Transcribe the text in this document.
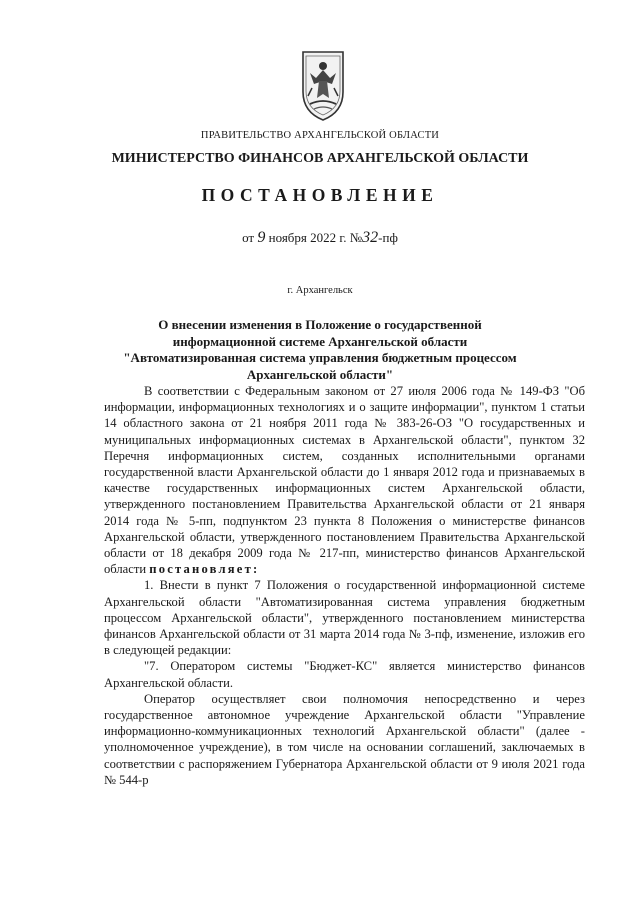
ПРАВИТЕЛЬСТВО АРХАНГЕЛЬСКОЙ ОБЛАСТИ
МИНИСТЕРСТВО ФИНАНСОВ АРХАНГЕЛЬСКОЙ ОБЛАСТИ
ПОСТАНОВЛЕНИЕ
от 9 ноября 2022 г. №32-пф
г. Архангельск
О внесении изменения в Положение о государственной информационной системе Архангельской области "Автоматизированная система управления бюджетным процессом Архангельской области"

В соответствии с Федеральным законом от 27 июля 2006 года № 149-ФЗ "Об информации, информационных технологиях и о защите информации", пунктом 1 статьи 14 областного закона от 21 ноября 2011 года № 383-26-ОЗ "О государственных и муниципальных информационных системах в Архангельской области", пунктом 32 Перечня информационных систем, созданных исполнительными органами государственной власти Архангельской области до 1 января 2012 года и признаваемых в качестве государственных информационных систем Архангельской области, утвержденного постановлением Правительства Архангельской области от 21 января 2014 года № 5-пп, подпунктом 23 пункта 8 Положения о министерстве финансов Архангельской области, утвержденного постановлением Правительства Архангельской области от 18 декабря 2009 года № 217-пп, министерство финансов Архангельской области постановляет:

1. Внести в пункт 7 Положения о государственной информационной системе Архангельской области "Автоматизированная система управления бюджетным процессом Архангельской области", утвержденного постановлением министерства финансов Архангельской области от 31 марта 2014 года № 3-пф, изменение, изложив его в следующей редакции:

"7. Оператором системы "Бюджет-КС" является министерство финансов Архангельской области.

Оператор осуществляет свои полномочия непосредственно и через государственное автономное учреждение Архангельской области "Управление информационно-коммуникационных технологий Архангельской области" (далее - уполномоченное учреждение), в том числе на основании соглашений, заключаемых в соответствии с распоряжением Губернатора Архангельской области от 9 июля 2021 года № 544-р
